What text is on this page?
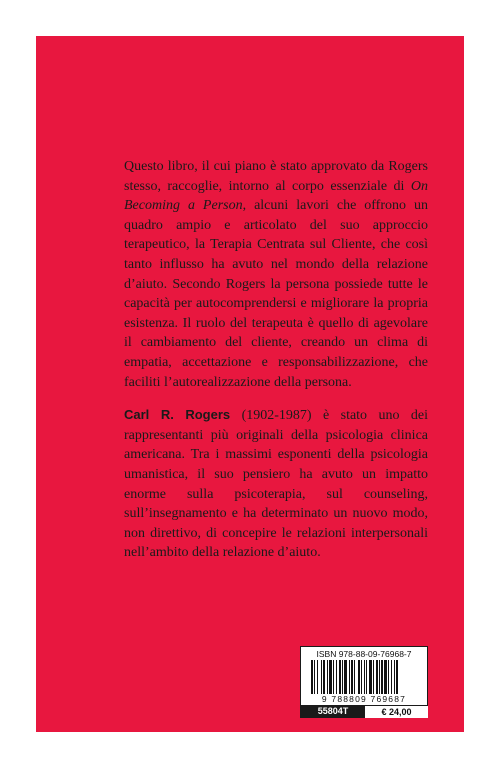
Questo libro, il cui piano è stato approvato da Rogers stesso, raccoglie, intorno al corpo essenziale di On Becoming a Person, alcuni lavori che offrono un quadro ampio e articolato del suo approccio terapeutico, la Terapia Centrata sul Cliente, che così tanto influsso ha avuto nel mondo della relazione d’aiuto. Secondo Rogers la persona possiede tutte le capacità per autocomprendersi e migliorare la propria esistenza. Il ruolo del terapeuta è quello di agevolare il cambiamento del cliente, creando un clima di empatia, accettazione e responsabilizzazione, che faciliti l’autorealizzazione della persona.

Carl R. Rogers (1902-1987) è stato uno dei rappresentanti più originali della psicologia clinica americana. Tra i massimi esponenti della psicologia umanistica, il suo pensiero ha avuto un impatto enorme sulla psicoterapia, sul counseling, sull’insegnamento e ha determinato un nuovo modo, non direttivo, di concepire le relazioni interpersonali nell’ambito della relazione d’aiuto.

ISBN 978-88-09-76968-7
9 788809 769687
55804T	€ 24,00
